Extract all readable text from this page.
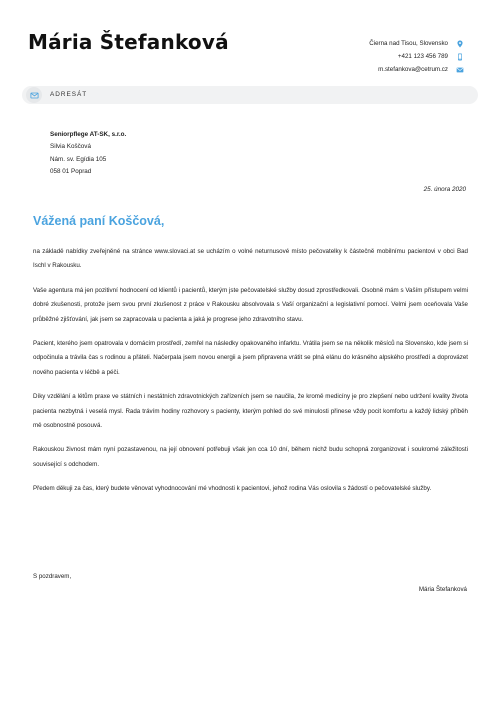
Mária Štefanková	Čierna nad Tisou, Slovensko
+421 123 456 789
m.stefankova@cetrum.cz
ADRESÁT
Seniorpflege AT-SK, s.r.o.
Silvia Koščová
Nám. sv. Egídia 105
058 01 Poprad
25. února 2020
Vážená paní Koščová,

na základě nabídky zveřejněné na stránce www.slovaci.at se ucházím o volné neturnusové místo pečovatelky k částečně mobilnímu pacientovi v obci Bad Ischl v Rakousku.

Vaše agentura má jen pozitivní hodnocení od klientů i pacientů, kterým jste pečovatelské služby dosud zprostředkovali. Osobně mám s Vaším přístupem velmi dobré zkušenosti, protože jsem svou první zkušenost z práce v Rakousku absolvovala s Vaší organizační a legislativní pomocí. Velmi jsem oceňovala Vaše průběžné zjišťování, jak jsem se zapracovala u pacienta a jaká je progrese jeho zdravotního stavu.

Pacient, kterého jsem opatrovala v domácím prostředí, zemřel na následky opakovaného infarktu. Vrátila jsem se na několik měsíců na Slovensko, kde jsem si odpočinula a trávila čas s rodinou a přáteli. Načerpala jsem novou energii a jsem připravena vrátit se plná elánu do krásného alpského prostředí a doprovázet nového pacienta v léčbě a péči.

Díky vzdělání a létům praxe ve státních i nestátních zdravotnických zařízeních jsem se naučila, že kromě medicíny je pro zlepšení nebo udržení kvality života pacienta nezbytná i veselá mysl. Rada trávím hodiny rozhovory s pacienty, kterým pohled do své minulosti přinese vždy pocit komfortu a každý lidský příběh mě osobnostně posouvá.

Rakouskou živnost mám nyní pozastavenou, na její obnovení potřebuji však jen cca 10 dní, během nichž budu schopná zorganizovat i soukromé záležitosti související s odchodem.

Předem děkuji za čas, který budete věnovat vyhodnocování mé vhodnosti k pacientovi, jehož rodina Vás oslovila s žádostí o pečovatelské služby.

S pozdravem,
Mária Štefanková
